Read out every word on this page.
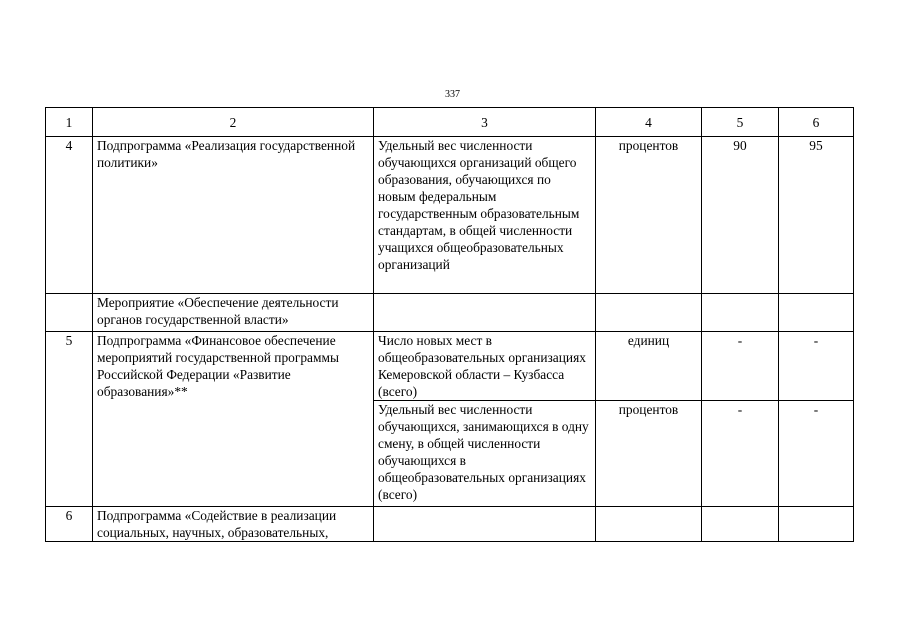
337
1	2	3	4	5	6
4	Подпрограмма «Реализация государственной политики»	Удельный вес численности обучающихся организаций общего образования, обучающихся по новым федеральным государственным образовательным стандартам, в общей численности учащихся общеобразовательных организаций	процентов	90	95
	Мероприятие «Обеспечение деятельности органов государственной власти»				
5	Подпрограмма «Финансовое обеспечение мероприятий государственной программы Российской Федерации «Развитие образования»**	Число новых мест в общеобразовательных организациях Кемеровской области – Кузбасса (всего)	единиц	-	-
		Удельный вес численности обучающихся, занимающихся в одну смену, в общей численности обучающихся в общеобразовательных организациях (всего)	процентов	-	-
6	Подпрограмма «Содействие в реализации социальных, научных, образовательных,				
